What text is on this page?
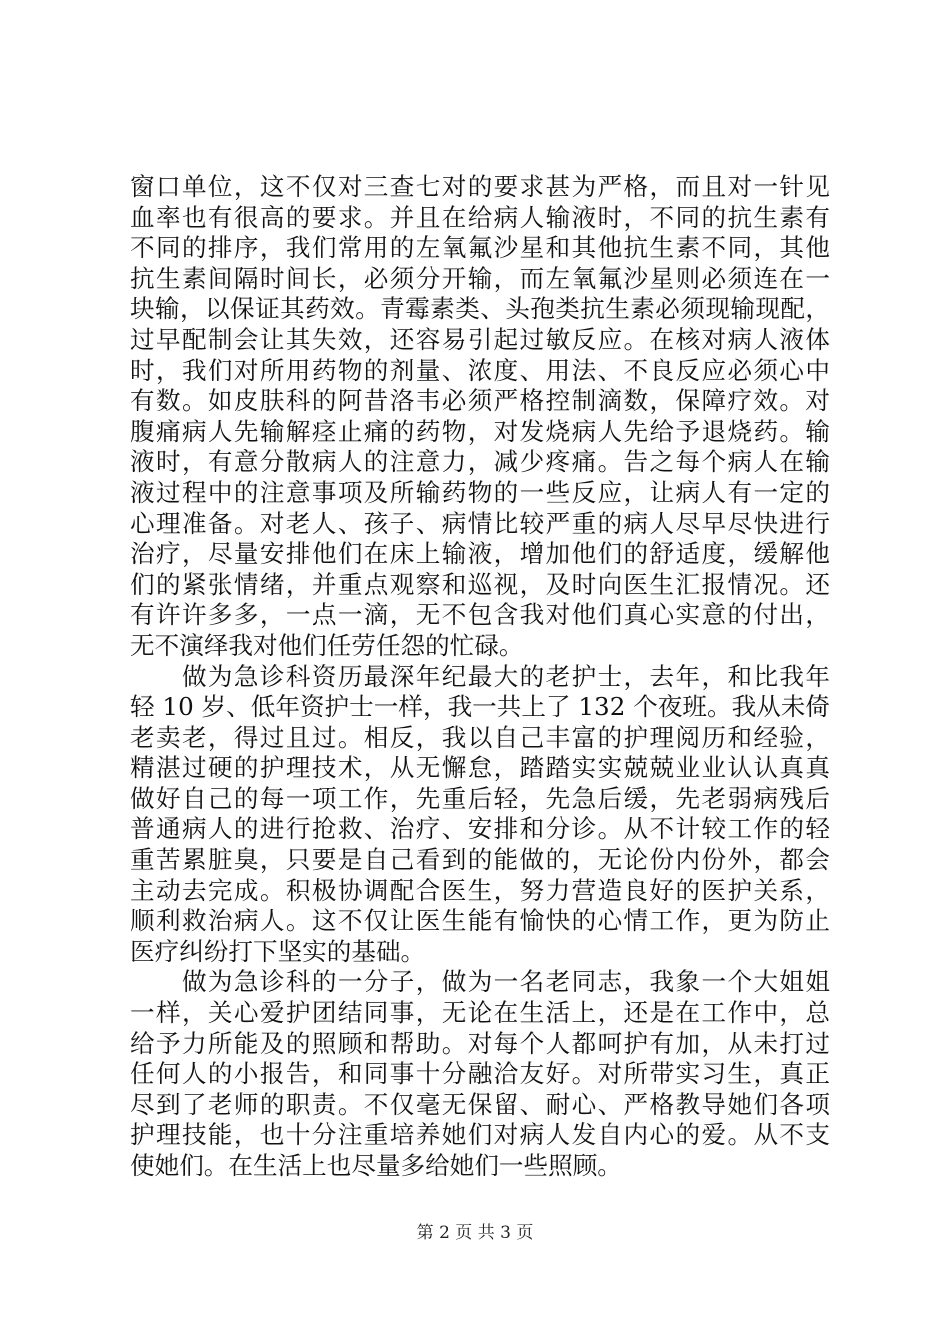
窗口单位，这不仅对三查七对的要求甚为严格，而且对一针见
血率也有很高的要求。并且在给病人输液时，不同的抗生素有
不同的排序，我们常用的左氧氟沙星和其他抗生素不同，其他
抗生素间隔时间长，必须分开输，而左氧氟沙星则必须连在一
块输，以保证其药效。青霉素类、头孢类抗生素必须现输现配，
过早配制会让其失效，还容易引起过敏反应。在核对病人液体
时，我们对所用药物的剂量、浓度、用法、不良反应必须心中
有数。如皮肤科的阿昔洛韦必须严格控制滴数，保障疗效。对
腹痛病人先输解痉止痛的药物，对发烧病人先给予退烧药。输
液时，有意分散病人的注意力，减少疼痛。告之每个病人在输
液过程中的注意事项及所输药物的一些反应，让病人有一定的
心理准备。对老人、孩子、病情比较严重的病人尽早尽快进行
治疗，尽量安排他们在床上输液，增加他们的舒适度，缓解他
们的紧张情绪，并重点观察和巡视，及时向医生汇报情况。还
有许许多多，一点一滴，无不包含我对他们真心实意的付出，
无不演绎我对他们任劳任怨的忙碌。
　　做为急诊科资历最深年纪最大的老护士，去年，和比我年
轻 10 岁、低年资护士一样，我一共上了 132 个夜班。我从未倚
老卖老，得过且过。相反，我以自己丰富的护理阅历和经验，
精湛过硬的护理技术，从无懈怠，踏踏实实兢兢业业认认真真
做好自己的每一项工作，先重后轻，先急后缓，先老弱病残后
普通病人的进行抢救、治疗、安排和分诊。从不计较工作的轻
重苦累脏臭，只要是自己看到的能做的，无论份内份外，都会
主动去完成。积极协调配合医生，努力营造良好的医护关系，
顺利救治病人。这不仅让医生能有愉快的心情工作，更为防止
医疗纠纷打下坚实的基础。
　　做为急诊科的一分子，做为一名老同志，我象一个大姐姐
一样，关心爱护团结同事，无论在生活上，还是在工作中，总
给予力所能及的照顾和帮助。对每个人都呵护有加，从未打过
任何人的小报告，和同事十分融洽友好。对所带实习生，真正
尽到了老师的职责。不仅毫无保留、耐心、严格教导她们各项
护理技能，也十分注重培养她们对病人发自内心的爱。从不支
使她们。在生活上也尽量多给她们一些照顾。
第 2 页 共 3 页
